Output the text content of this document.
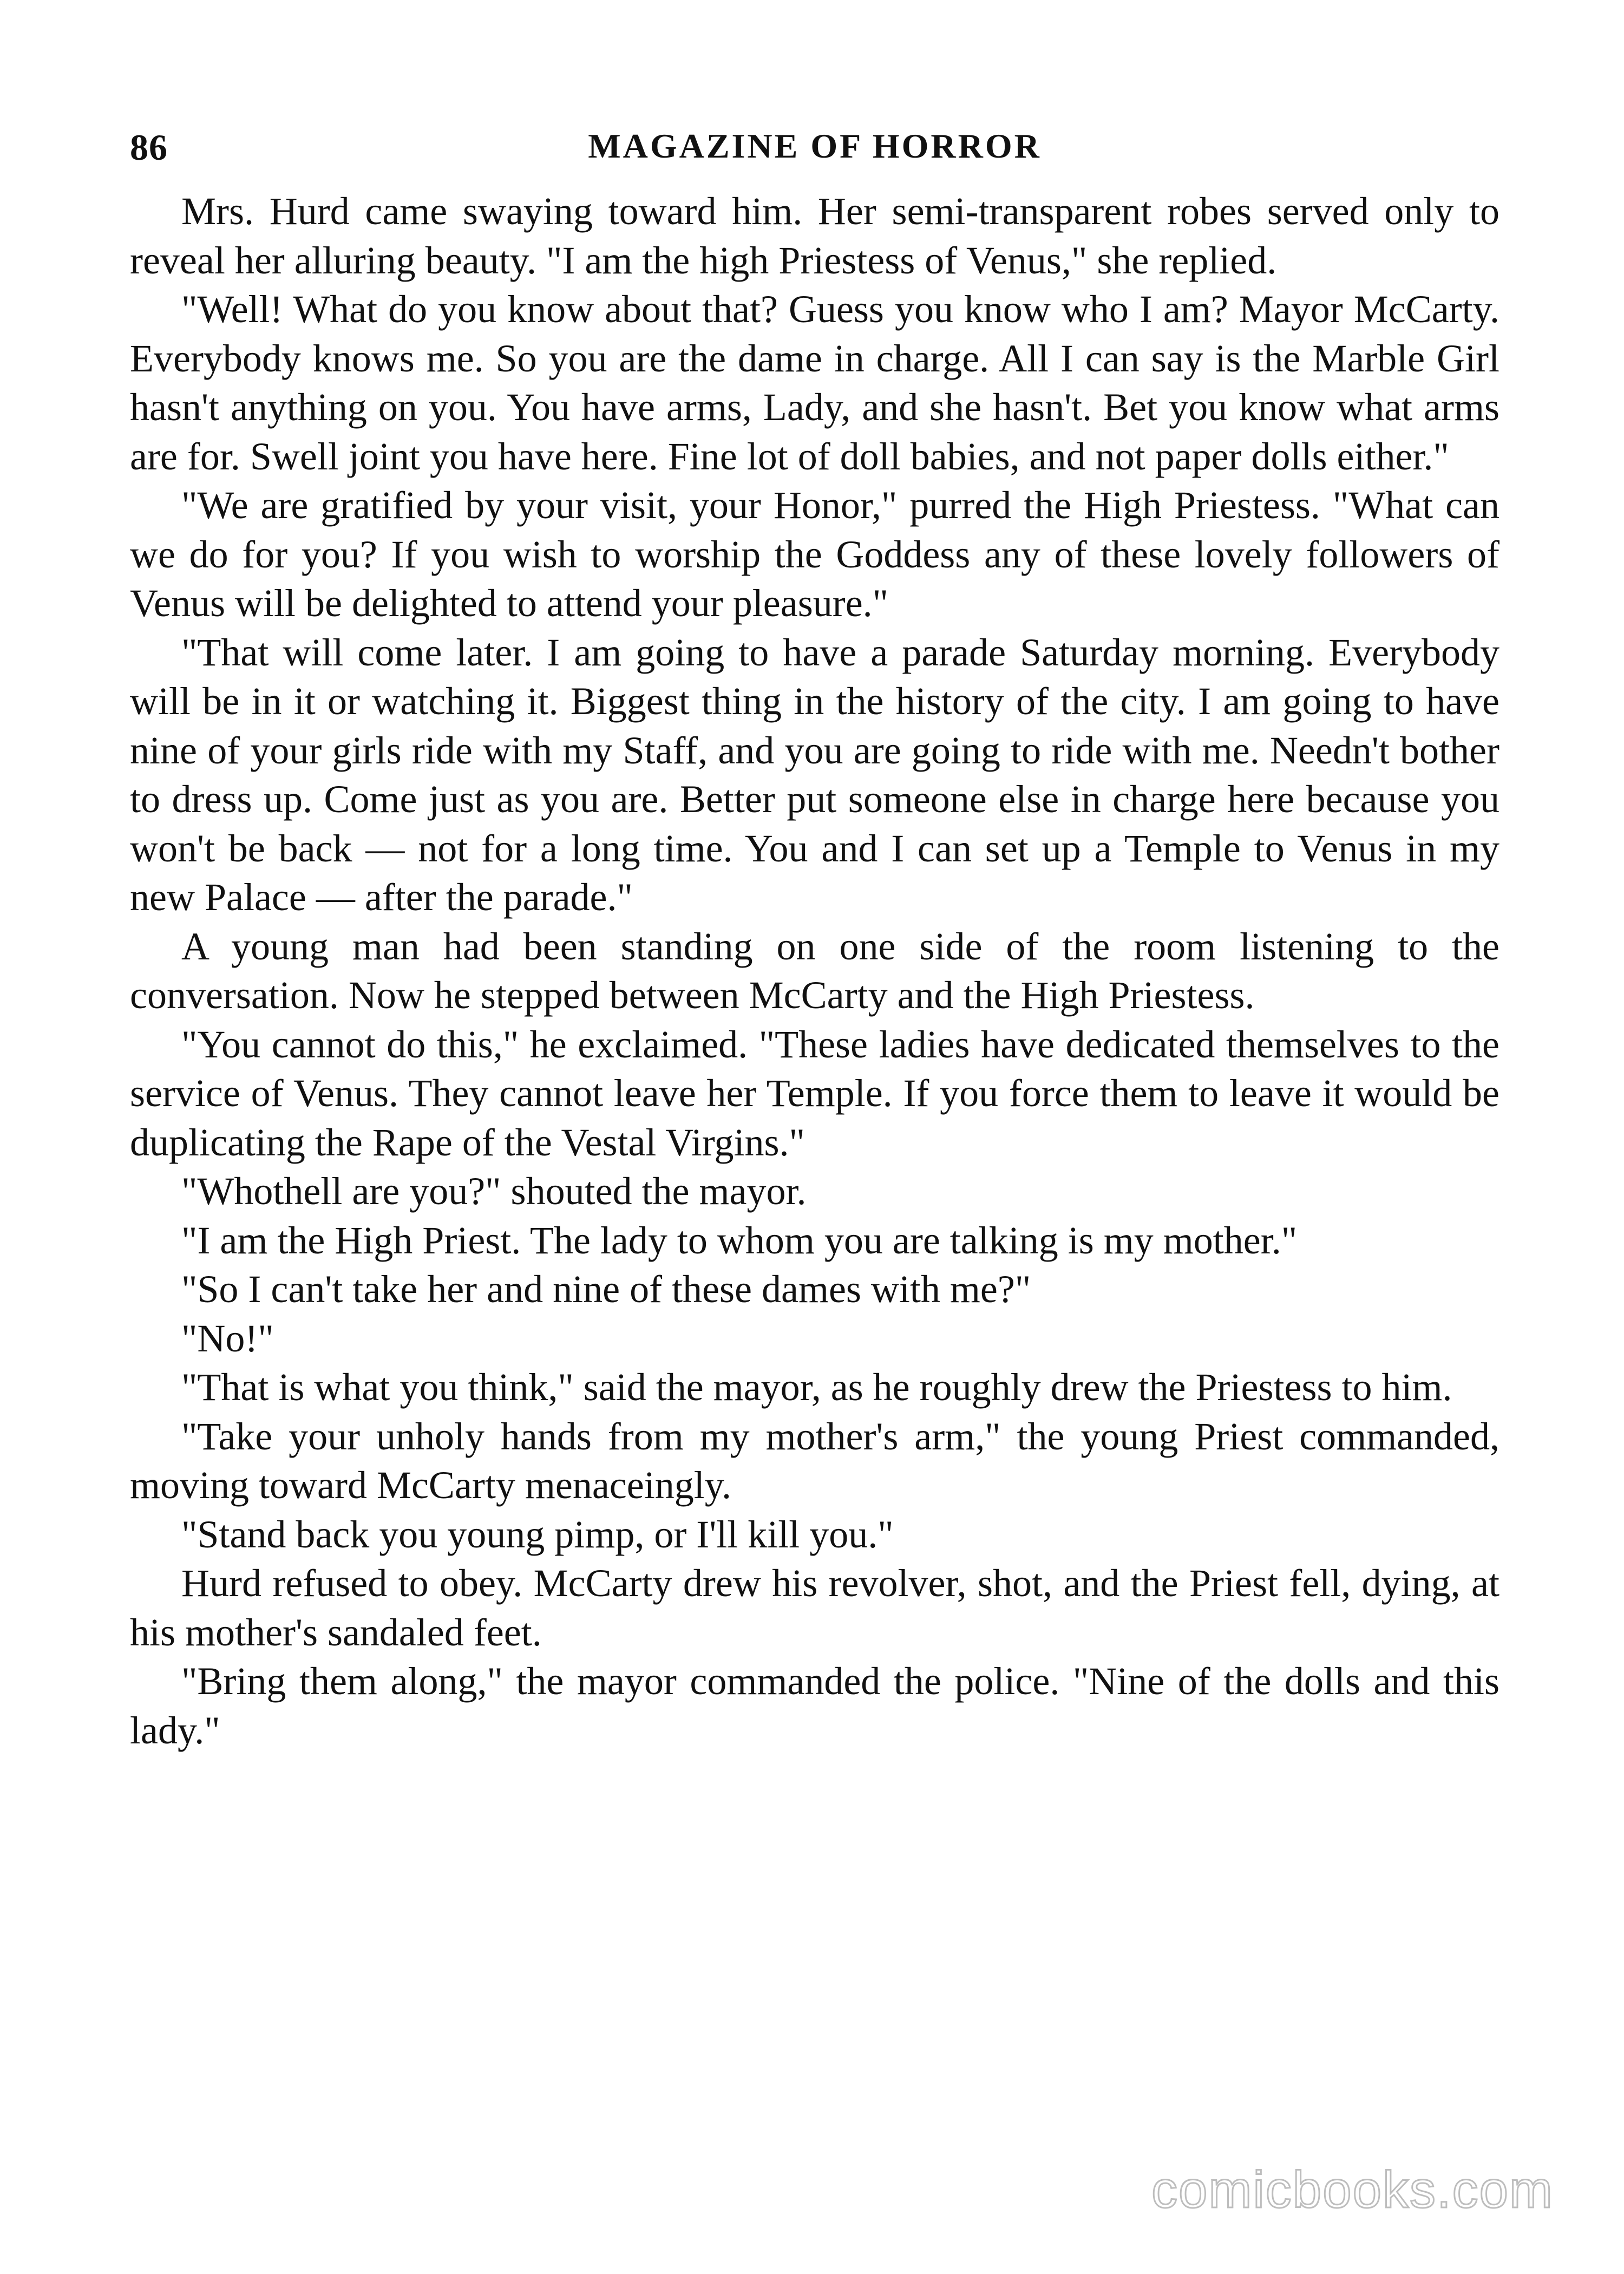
86	MAGAZINE OF HORROR

Mrs. Hurd came swaying toward him. Her semi-transparent robes served only to reveal her alluring beauty. "I am the high Priestess of Venus," she replied.

"Well! What do you know about that? Guess you know who I am? Mayor McCarty. Everybody knows me. So you are the dame in charge. All I can say is the Marble Girl hasn't anything on you. You have arms, Lady, and she hasn't. Bet you know what arms are for. Swell joint you have here. Fine lot of doll babies, and not paper dolls either."

"We are gratified by your visit, your Honor," purred the High Priestess. "What can we do for you? If you wish to worship the Goddess any of these lovely followers of Venus will be delighted to attend your pleasure."

"That will come later. I am going to have a parade Saturday morning. Everybody will be in it or watching it. Biggest thing in the history of the city. I am going to have nine of your girls ride with my Staff, and you are going to ride with me. Needn't bother to dress up. Come just as you are. Better put someone else in charge here because you won't be back — not for a long time. You and I can set up a Temple to Venus in my new Palace — after the parade."

A young man had been standing on one side of the room listening to the conversation. Now he stepped between McCarty and the High Priestess.

"You cannot do this," he exclaimed. "These ladies have dedicated themselves to the service of Venus. They cannot leave her Temple. If you force them to leave it would be duplicating the Rape of the Vestal Virgins."

"Whothell are you?" shouted the mayor.

"I am the High Priest. The lady to whom you are talking is my mother."

"So I can't take her and nine of these dames with me?"

"No!"

"That is what you think," said the mayor, as he roughly drew the Priestess to him.

"Take your unholy hands from my mother's arm," the young Priest commanded, moving toward McCarty menaceingly.

"Stand back you young pimp, or I'll kill you."

Hurd refused to obey. McCarty drew his revolver, shot, and the Priest fell, dying, at his mother's sandaled feet.

"Bring them along," the mayor commanded the police. "Nine of the dolls and this lady."

comicbooks.com
